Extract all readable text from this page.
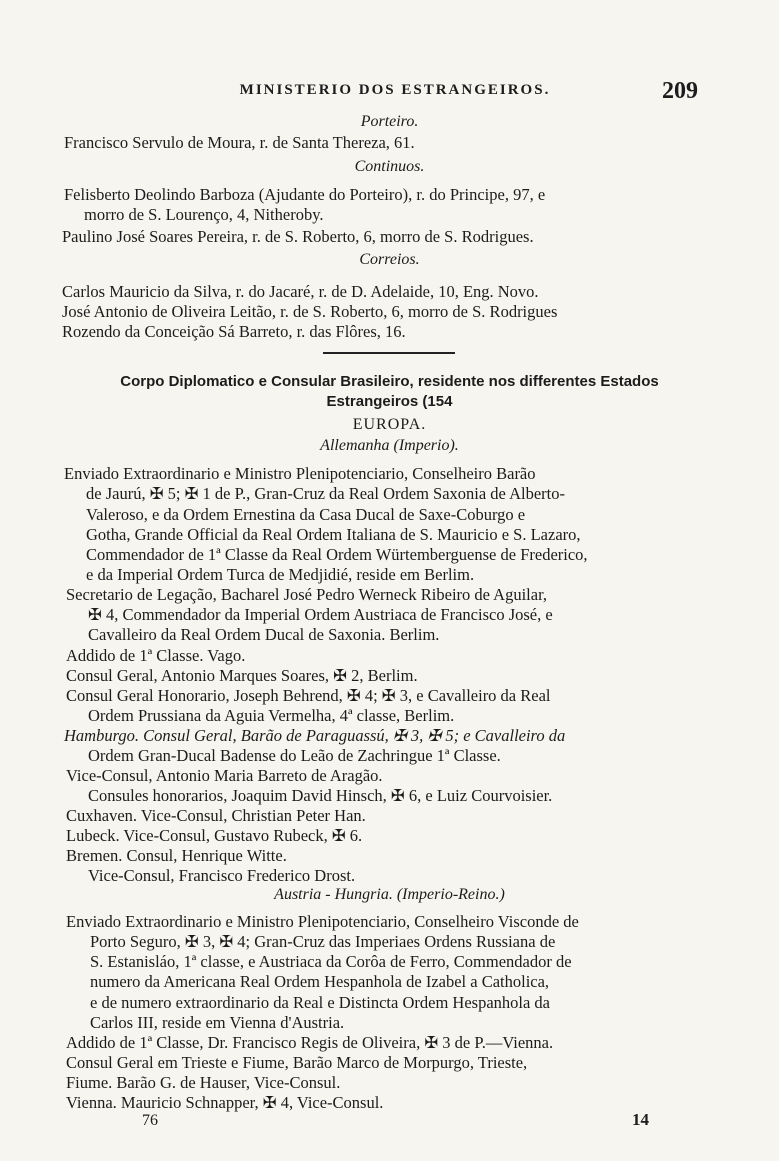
MINISTERIO DOS ESTRANGEIROS.	209
Porteiro.
Francisco Servulo de Moura, r. de Santa Thereza, 61.
Continuos.
Felisberto Deolindo Barboza (Ajudante do Porteiro), r. do Principe, 97, e
morro de S. Lourenço, 4, Nitheroby.
Paulino José Soares Pereira, r. de S. Roberto, 6, morro de S. Rodrigues.
Correios.
Carlos Mauricio da Silva, r. do Jacaré, r. de D. Adelaide, 10, Eng. Novo.
José Antonio de Oliveira Leitão, r. de S. Roberto, 6, morro de S. Rodrigues
Rozendo da Conceição Sá Barreto, r. das Flôres, 16.
Corpo Diplomatico e Consular Brasileiro, residente nos differentes Estados
Estrangeiros (154
EUROPA.
Allemanha (Imperio).
Enviado Extraordinario e Ministro Plenipotenciario, Conselheiro Barão
de Jaurú, ✠ 5; ✠ 1 de P., Gran-Cruz da Real Ordem Saxonia de Alberto-
Valeroso, e da Ordem Ernestina da Casa Ducal de Saxe-Coburgo e
Gotha, Grande Official da Real Ordem Italiana de S. Mauricio e S. Lazaro,
Commendador de 1ª Classe da Real Ordem Würtemberguense de Frederico,
e da Imperial Ordem Turca de Medjidié, reside em Berlim.
Secretario de Legação, Bacharel José Pedro Werneck Ribeiro de Aguilar,
✠ 4, Commendador da Imperial Ordem Austriaca de Francisco José, e
Cavalleiro da Real Ordem Ducal de Saxonia. Berlim.
Addido de 1ª Classe. Vago.
Consul Geral, Antonio Marques Soares, ✠ 2, Berlim.
Consul Geral Honorario, Joseph Behrend, ✠ 4; ✠ 3, e Cavalleiro da Real
Ordem Prussiana da Aguia Vermelha, 4ª classe, Berlim.
Hamburgo. Consul Geral, Barão de Paraguassú, ✠ 3, ✠ 5; e Cavalleiro da
Ordem Gran-Ducal Badense do Leão de Zachringue 1ª Classe.
Vice-Consul, Antonio Maria Barreto de Aragão.
Consules honorarios, Joaquim David Hinsch, ✠ 6, e Luiz Courvoisier.
Cuxhaven. Vice-Consul, Christian Peter Han.
Lubeck. Vice-Consul, Gustavo Rubeck, ✠ 6.
Bremen. Consul, Henrique Witte.
Vice-Consul, Francisco Frederico Drost.
Austria - Hungria. (Imperio-Reino.)
Enviado Extraordinario e Ministro Plenipotenciario, Conselheiro Visconde de
Porto Seguro, ✠ 3, ✠ 4; Gran-Cruz das Imperiaes Ordens Russiana de
S. Estanisláo, 1ª classe, e Austriaca da Corôa de Ferro, Commendador de
numero da Americana Real Ordem Hespanhola de Izabel a Catholica,
e de numero extraordinario da Real e Distincta Ordem Hespanhola da
Carlos III, reside em Vienna d'Austria.
Addido de 1ª Classe, Dr. Francisco Regis de Oliveira, ✠ 3 de P.—Vienna.
Consul Geral em Trieste e Fiume, Barão Marco de Morpurgo, Trieste,
Fiume. Barão G. de Hauser, Vice-Consul.
Vienna. Mauricio Schnapper, ✠ 4, Vice-Consul.
76	14
